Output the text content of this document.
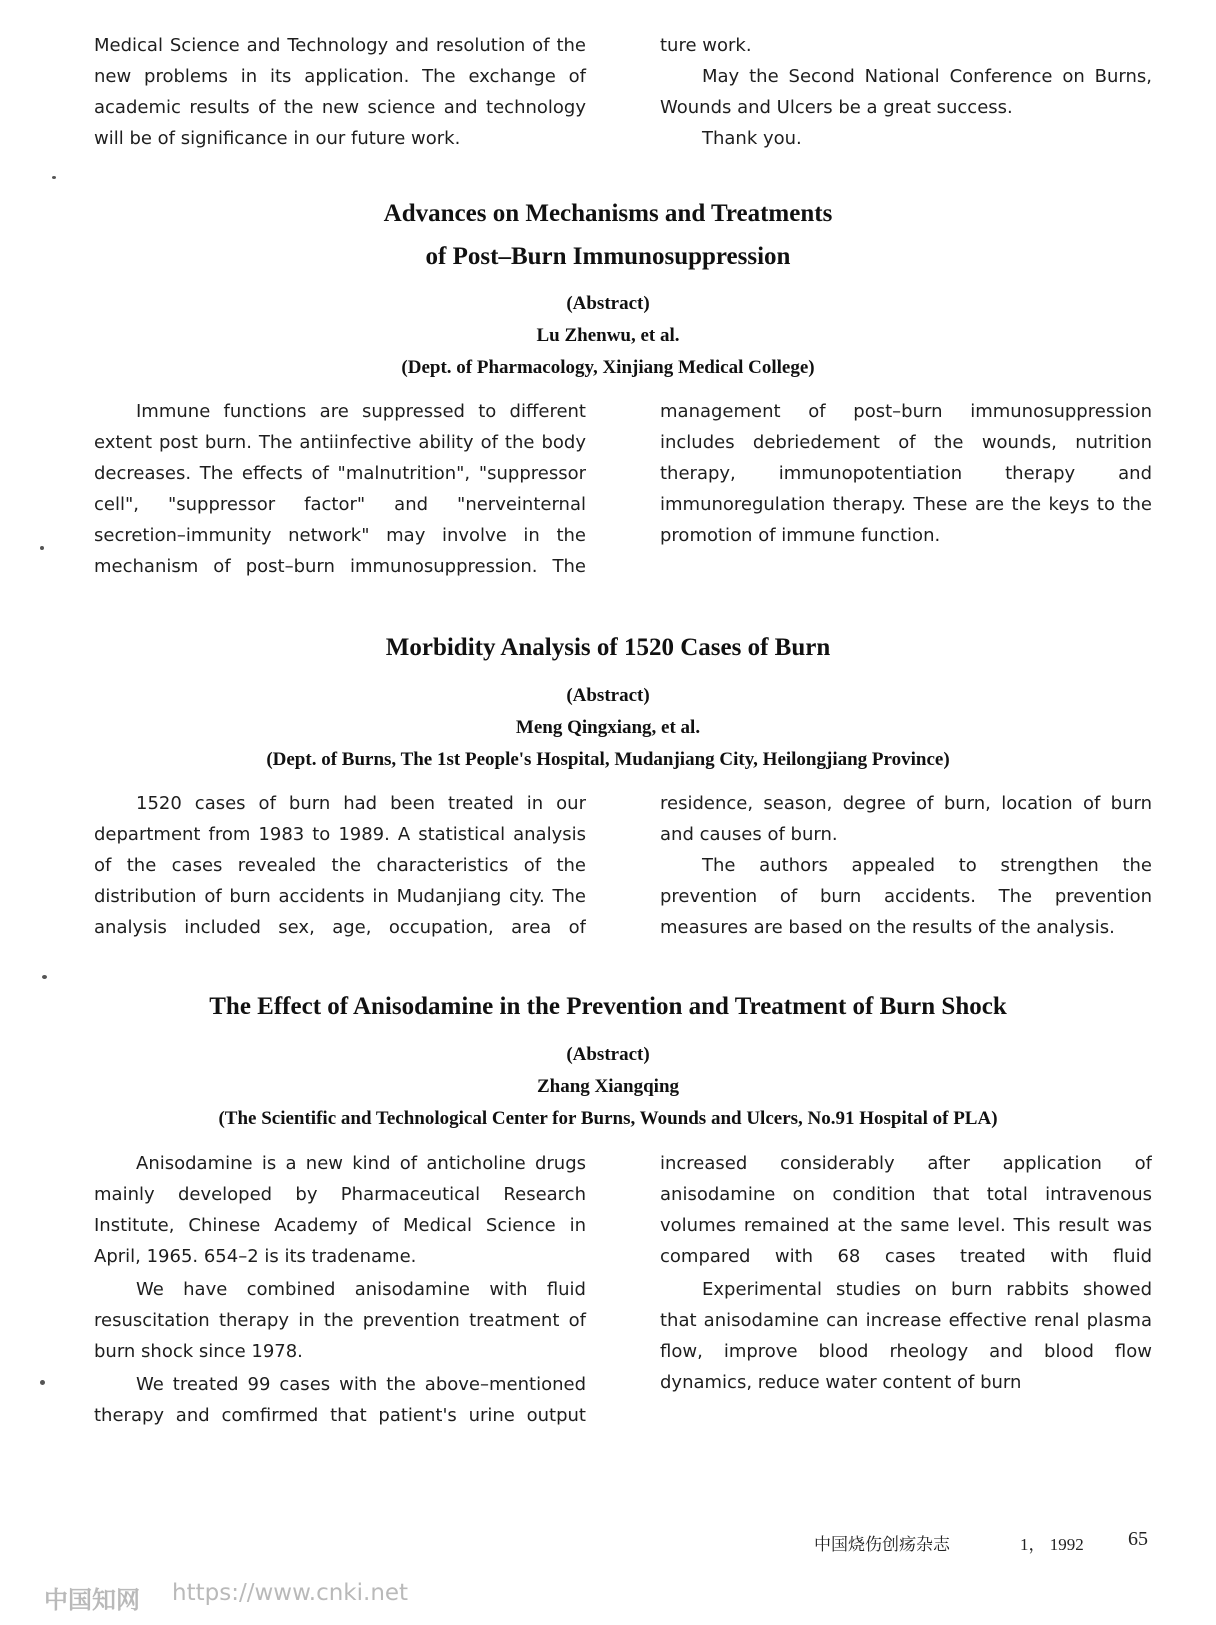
Medical Science and Technology and resolution of the new problems in its application. The exchange of academic results of the new science and technology will be of significance in our future work.

ture work.

May the Second National Conference on Burns, Wounds and Ulcers be a great success.

Thank you.

Advances on Mechanisms and Treatments
of Post–Burn Immunosuppression
(Abstract)
Lu Zhenwu, et al.
(Dept. of Pharmacology, Xinjiang Medical College)

Immune functions are suppressed to different extent post burn. The antiinfective ability of the body decreases. The effects of "malnutrition", "suppressor cell", "suppressor factor" and "nerveinternal secretion–immunity network" may involve in the mechanism of post–burn immunosuppression. The

management of post–burn immunosuppression includes debriedement of the wounds, nutrition therapy, immunopotentiation therapy and immunoregulation therapy. These are the keys to the promotion of immune function.

Morbidity Analysis of 1520 Cases of Burn
(Abstract)
Meng Qingxiang, et al.
(Dept. of Burns, The 1st People's Hospital, Mudanjiang City, Heilongjiang Province)

1520 cases of burn had been treated in our department from 1983 to 1989. A statistical analysis of the cases revealed the characteristics of the distribution of burn accidents in Mudanjiang city. The analysis included sex, age, occupation, area of

residence, season, degree of burn, location of burn and causes of burn.

The authors appealed to strengthen the prevention of burn accidents. The prevention measures are based on the results of the analysis.

The Effect of Anisodamine in the Prevention and Treatment of Burn Shock
(Abstract)
Zhang Xiangqing
(The Scientific and Technological Center for Burns, Wounds and Ulcers, No.91 Hospital of PLA)

Anisodamine is a new kind of anticholine drugs mainly developed by Pharmaceutical Research Institute, Chinese Academy of Medical Science in April, 1965. 654–2 is its tradename.

We have combined anisodamine with fluid resuscitation therapy in the prevention treatment of burn shock since 1978.

We treated 99 cases with the above–mentioned therapy and comfirmed that patient's urine output

increased considerably after application of anisodamine on condition that total intravenous volumes remained at the same level. This result was compared with 68 cases treated with fluid

Experimental studies on burn rabbits showed that anisodamine can increase effective renal plasma flow, improve blood rheology and blood flow dynamics, reduce water content of burn

中国烧伤创疡杂志	1， 1992 65
中国知网 https://www.cnki.net
